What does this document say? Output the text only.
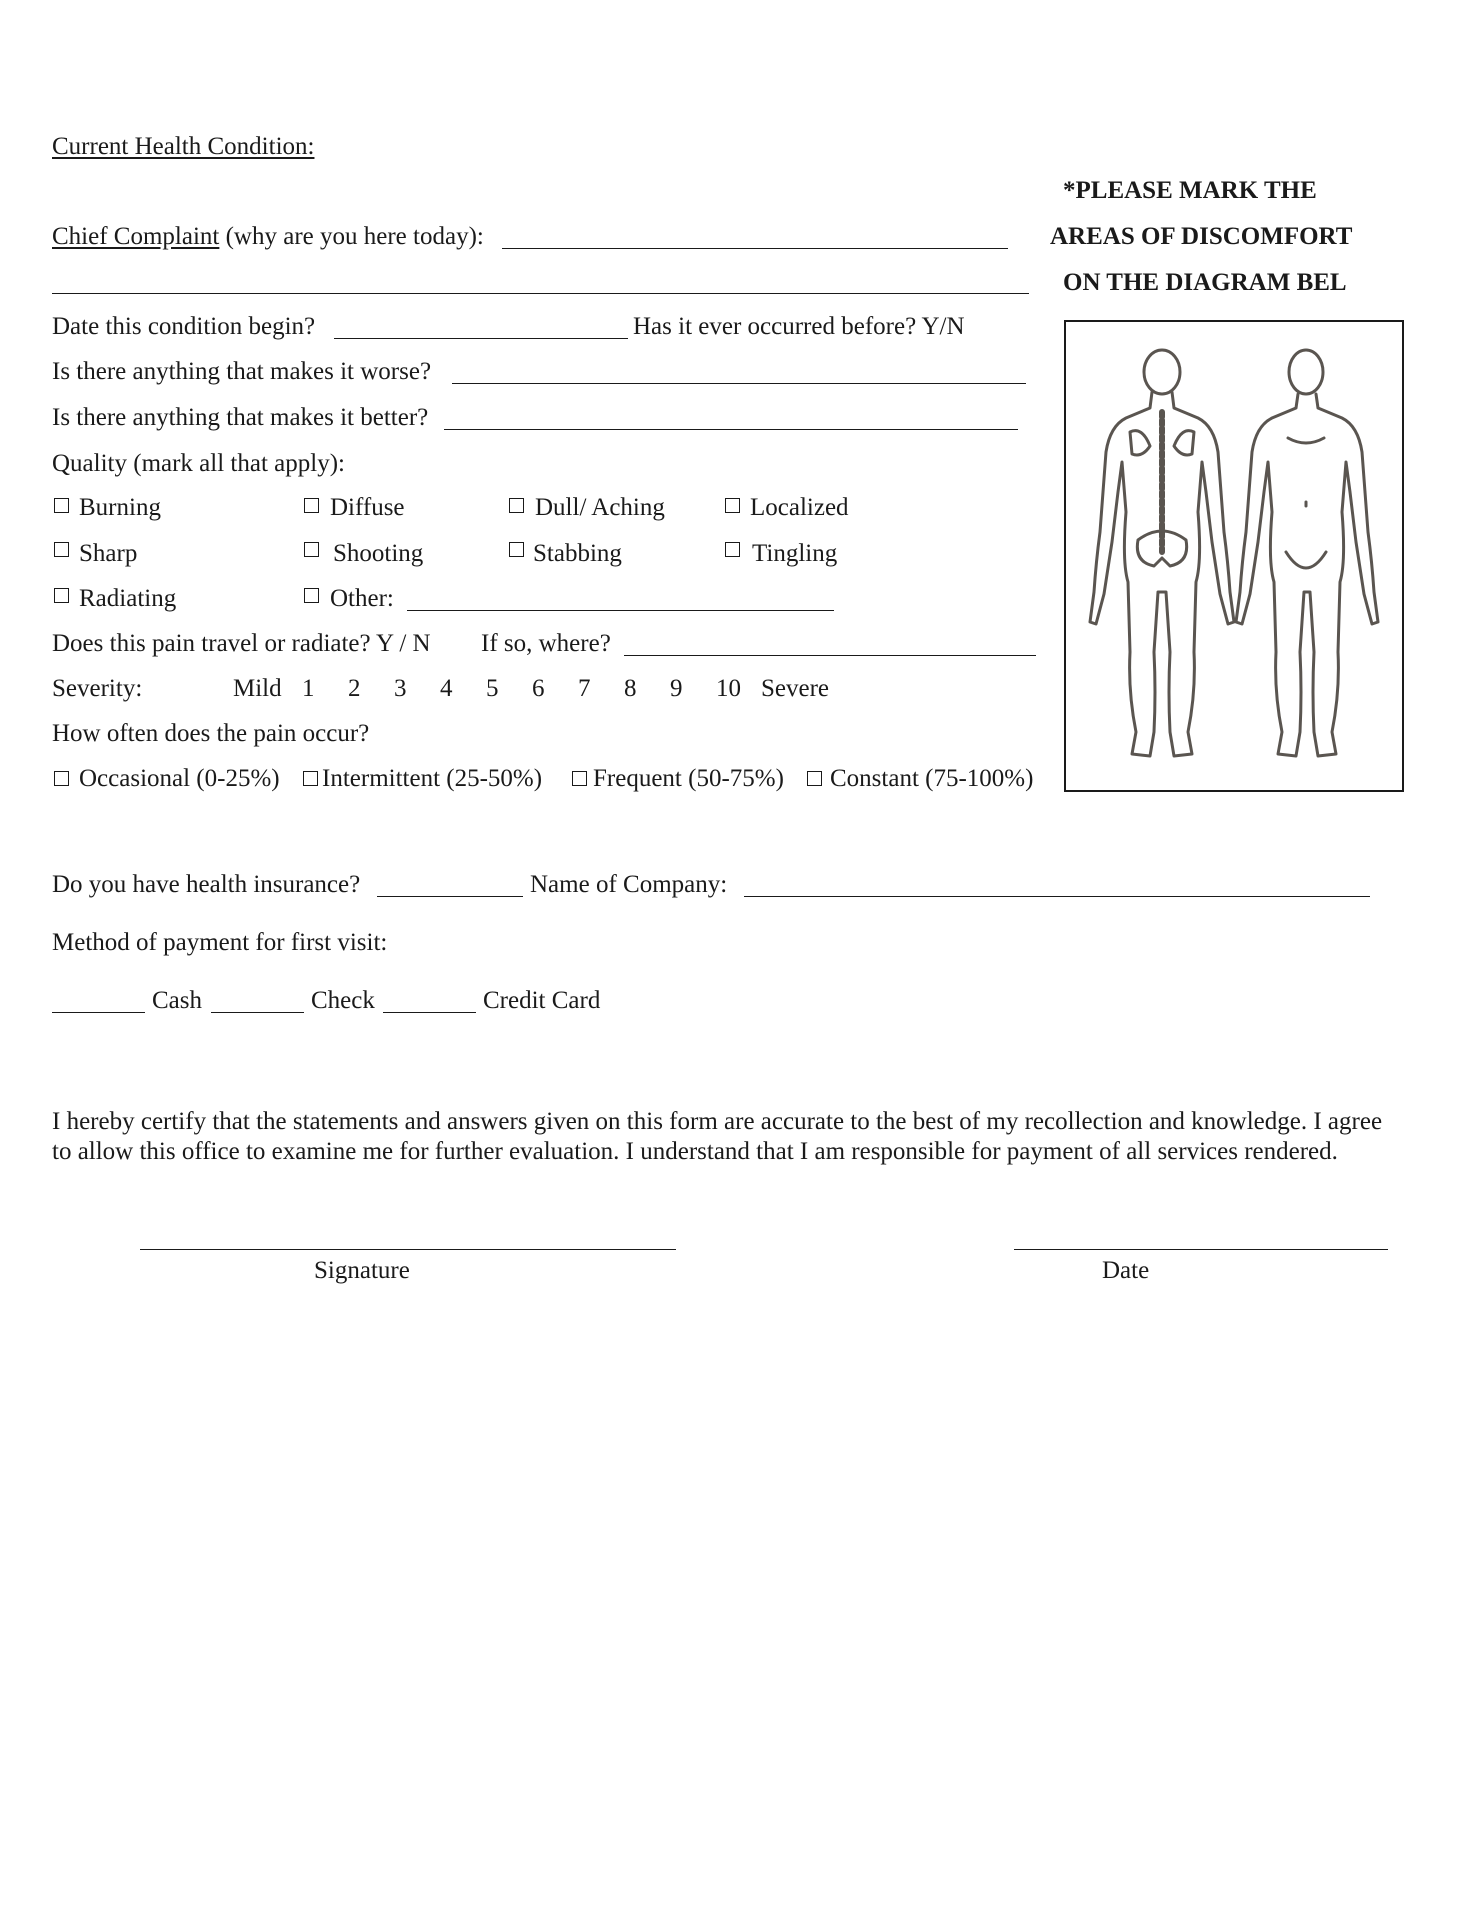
Current Health Condition:
*PLEASE MARK THE
AREAS OF DISCOMFORT
ON THE DIAGRAM BEL
Chief Complaint (why are you here today):
Date this condition begin?	Has it ever occurred before? Y/N
Is there anything that makes it worse?
Is there anything that makes it better?
Quality (mark all that apply):
Burning	Diffuse	Dull/ Aching	Localized
Sharp	Shooting	Stabbing	Tingling
Radiating	Other:
Does this pain travel or radiate? Y / N If so, where?
Severity:	Mild 1 2 3 4 5 6 7 8 9 10 Severe
How often does the pain occur?
Occasional (0-25%) Intermittent (25-50%) Frequent (50-75%) Constant (75-100%)
Do you have health insurance?	Name of Company:
Method of payment for first visit:
Cash	Check	Credit Card
I hereby certify that the statements and answers given on this form are accurate to the best of my recollection and knowledge. I agree to allow this office to examine me for further evaluation. I understand that I am responsible for payment of all services rendered.
Signature	Date
